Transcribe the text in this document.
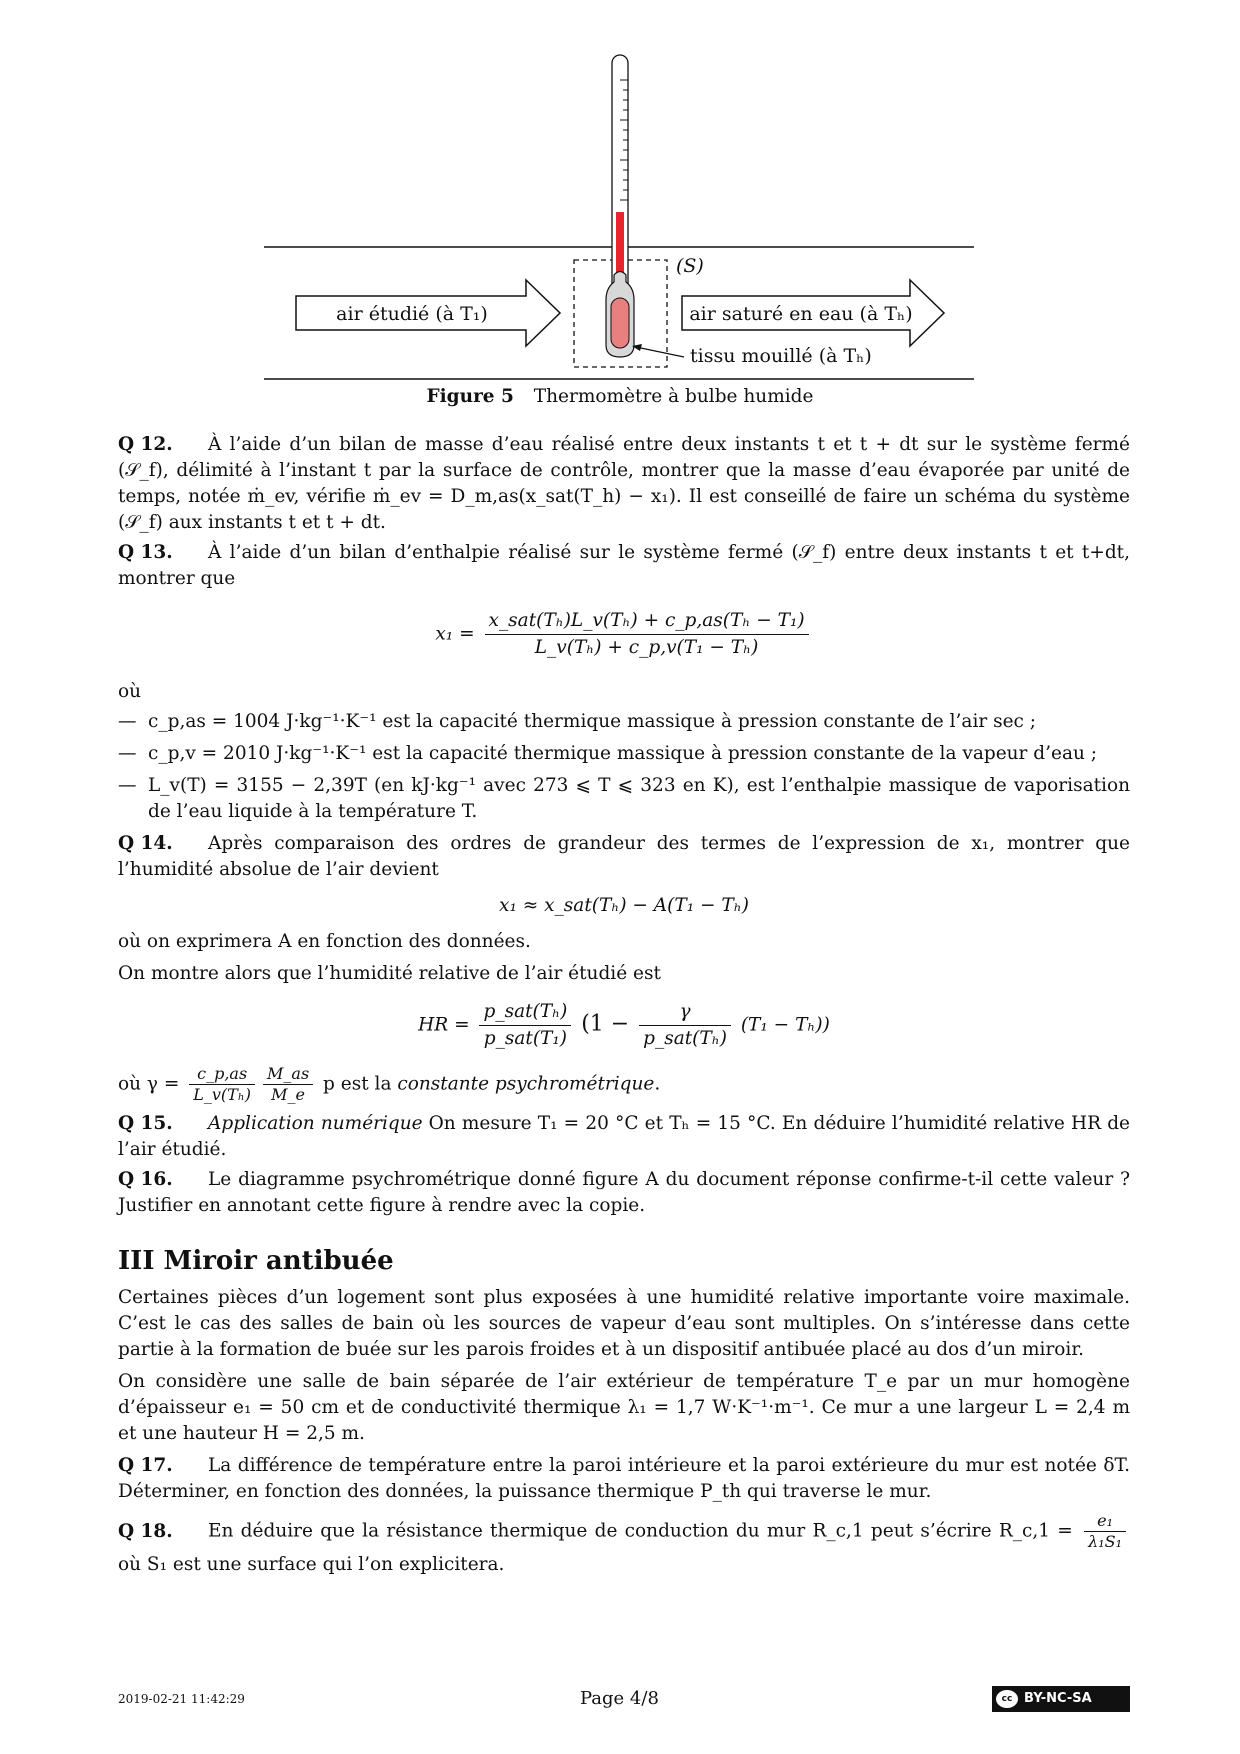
air étudié (à T₁)	air saturé en eau (à Tₕ)
(S)
tissu mouillé (à Tₕ)
Figure 5 Thermomètre à bulbe humide

Q 12. À l’aide d’un bilan de masse d’eau réalisé entre deux instants t et t + dt sur le système fermé (𝒮_f), délimité à l’instant t par la surface de contrôle, montrer que la masse d’eau évaporée par unité de temps, notée ṁ_ev, vérifie ṁ_ev = D_m,as(x_sat(T_h) − x₁). Il est conseillé de faire un schéma du système (𝒮_f) aux instants t et t + dt.

Q 13. À l’aide d’un bilan d’enthalpie réalisé sur le système fermé (𝒮_f) entre deux instants t et t+dt, montrer que

$x_1 = \frac{\text{x\_sat(Tₕ)L\_v(Tₕ) + c\_p,as(Tₕ − T₁)}}{\text{L\_v(Tₕ) + c\_p,v(T₁ − Tₕ)}}$

où

— c_p,as = 1004 J·kg⁻¹·K⁻¹ est la capacité thermique massique à pression constante de l’air sec ;
— c_p,v = 2010 J·kg⁻¹·K⁻¹ est la capacité thermique massique à pression constante de la vapeur d’eau ;
— L_v(T) = 3155 − 2,39T (en kJ·kg⁻¹ avec 273 ⩽ T ⩽ 323 en K), est l’enthalpie massique de vaporisation de l’eau liquide à la température T.

Q 14. Après comparaison des ordres de grandeur des termes de l’expression de x₁, montrer que l’humidité absolue de l’air devient

x₁ ≈ x_sat(Tₕ) − A(T₁ − Tₕ)

où on exprimera A en fonction des données.

On montre alors que l’humidité relative de l’air étudié est

HR = $\frac{\text{p\_sat(Tₕ)}}{\text{p\_sat(T₁)}} (1 - \frac{\gamma}{\text{p\_sat(Tₕ)}} (T_1 - T_h))$

où $\gamma = \frac{c\_p,as}{\text{L\_v(Tₕ)}} \frac{M\_as}{M\_e}$ p est la constante psychrométrique.

Q 15. Application numérique On mesure T₁ = 20 °C et Tₕ = 15 °C. En déduire l’humidité relative HR de l’air étudié.

Q 16. Le diagramme psychrométrique donné figure A du document réponse confirme-t-il cette valeur ? Justifier en annotant cette figure à rendre avec la copie.

III Miroir antibuée

Certaines pièces d’un logement sont plus exposées à une humidité relative importante voire maximale. C’est le cas des salles de bain où les sources de vapeur d’eau sont multiples. On s’intéresse dans cette partie à la formation de buée sur les parois froides et à un dispositif antibuée placé au dos d’un miroir.

On considère une salle de bain séparée de l’air extérieur de température T_e par un mur homogène d’épaisseur e₁ = 50 cm et de conductivité thermique λ₁ = 1,7 W·K⁻¹·m⁻¹. Ce mur a une largeur L = 2,4 m et une hauteur H = 2,5 m.

Q 17. La différence de température entre la paroi intérieure et la paroi extérieure du mur est notée δT. Déterminer, en fonction des données, la puissance thermique P_th qui traverse le mur.

Q 18. En déduire que la résistance thermique de conduction du mur R_c,1 peut s’écrire R_c,1 = $\frac{\text{e₁}}{\text{λ₁S₁}}$
où S₁ est une surface qui l’on explicitera.

2019-02-21 11:42:29	Page 4/8	cc BY-NC-SA
